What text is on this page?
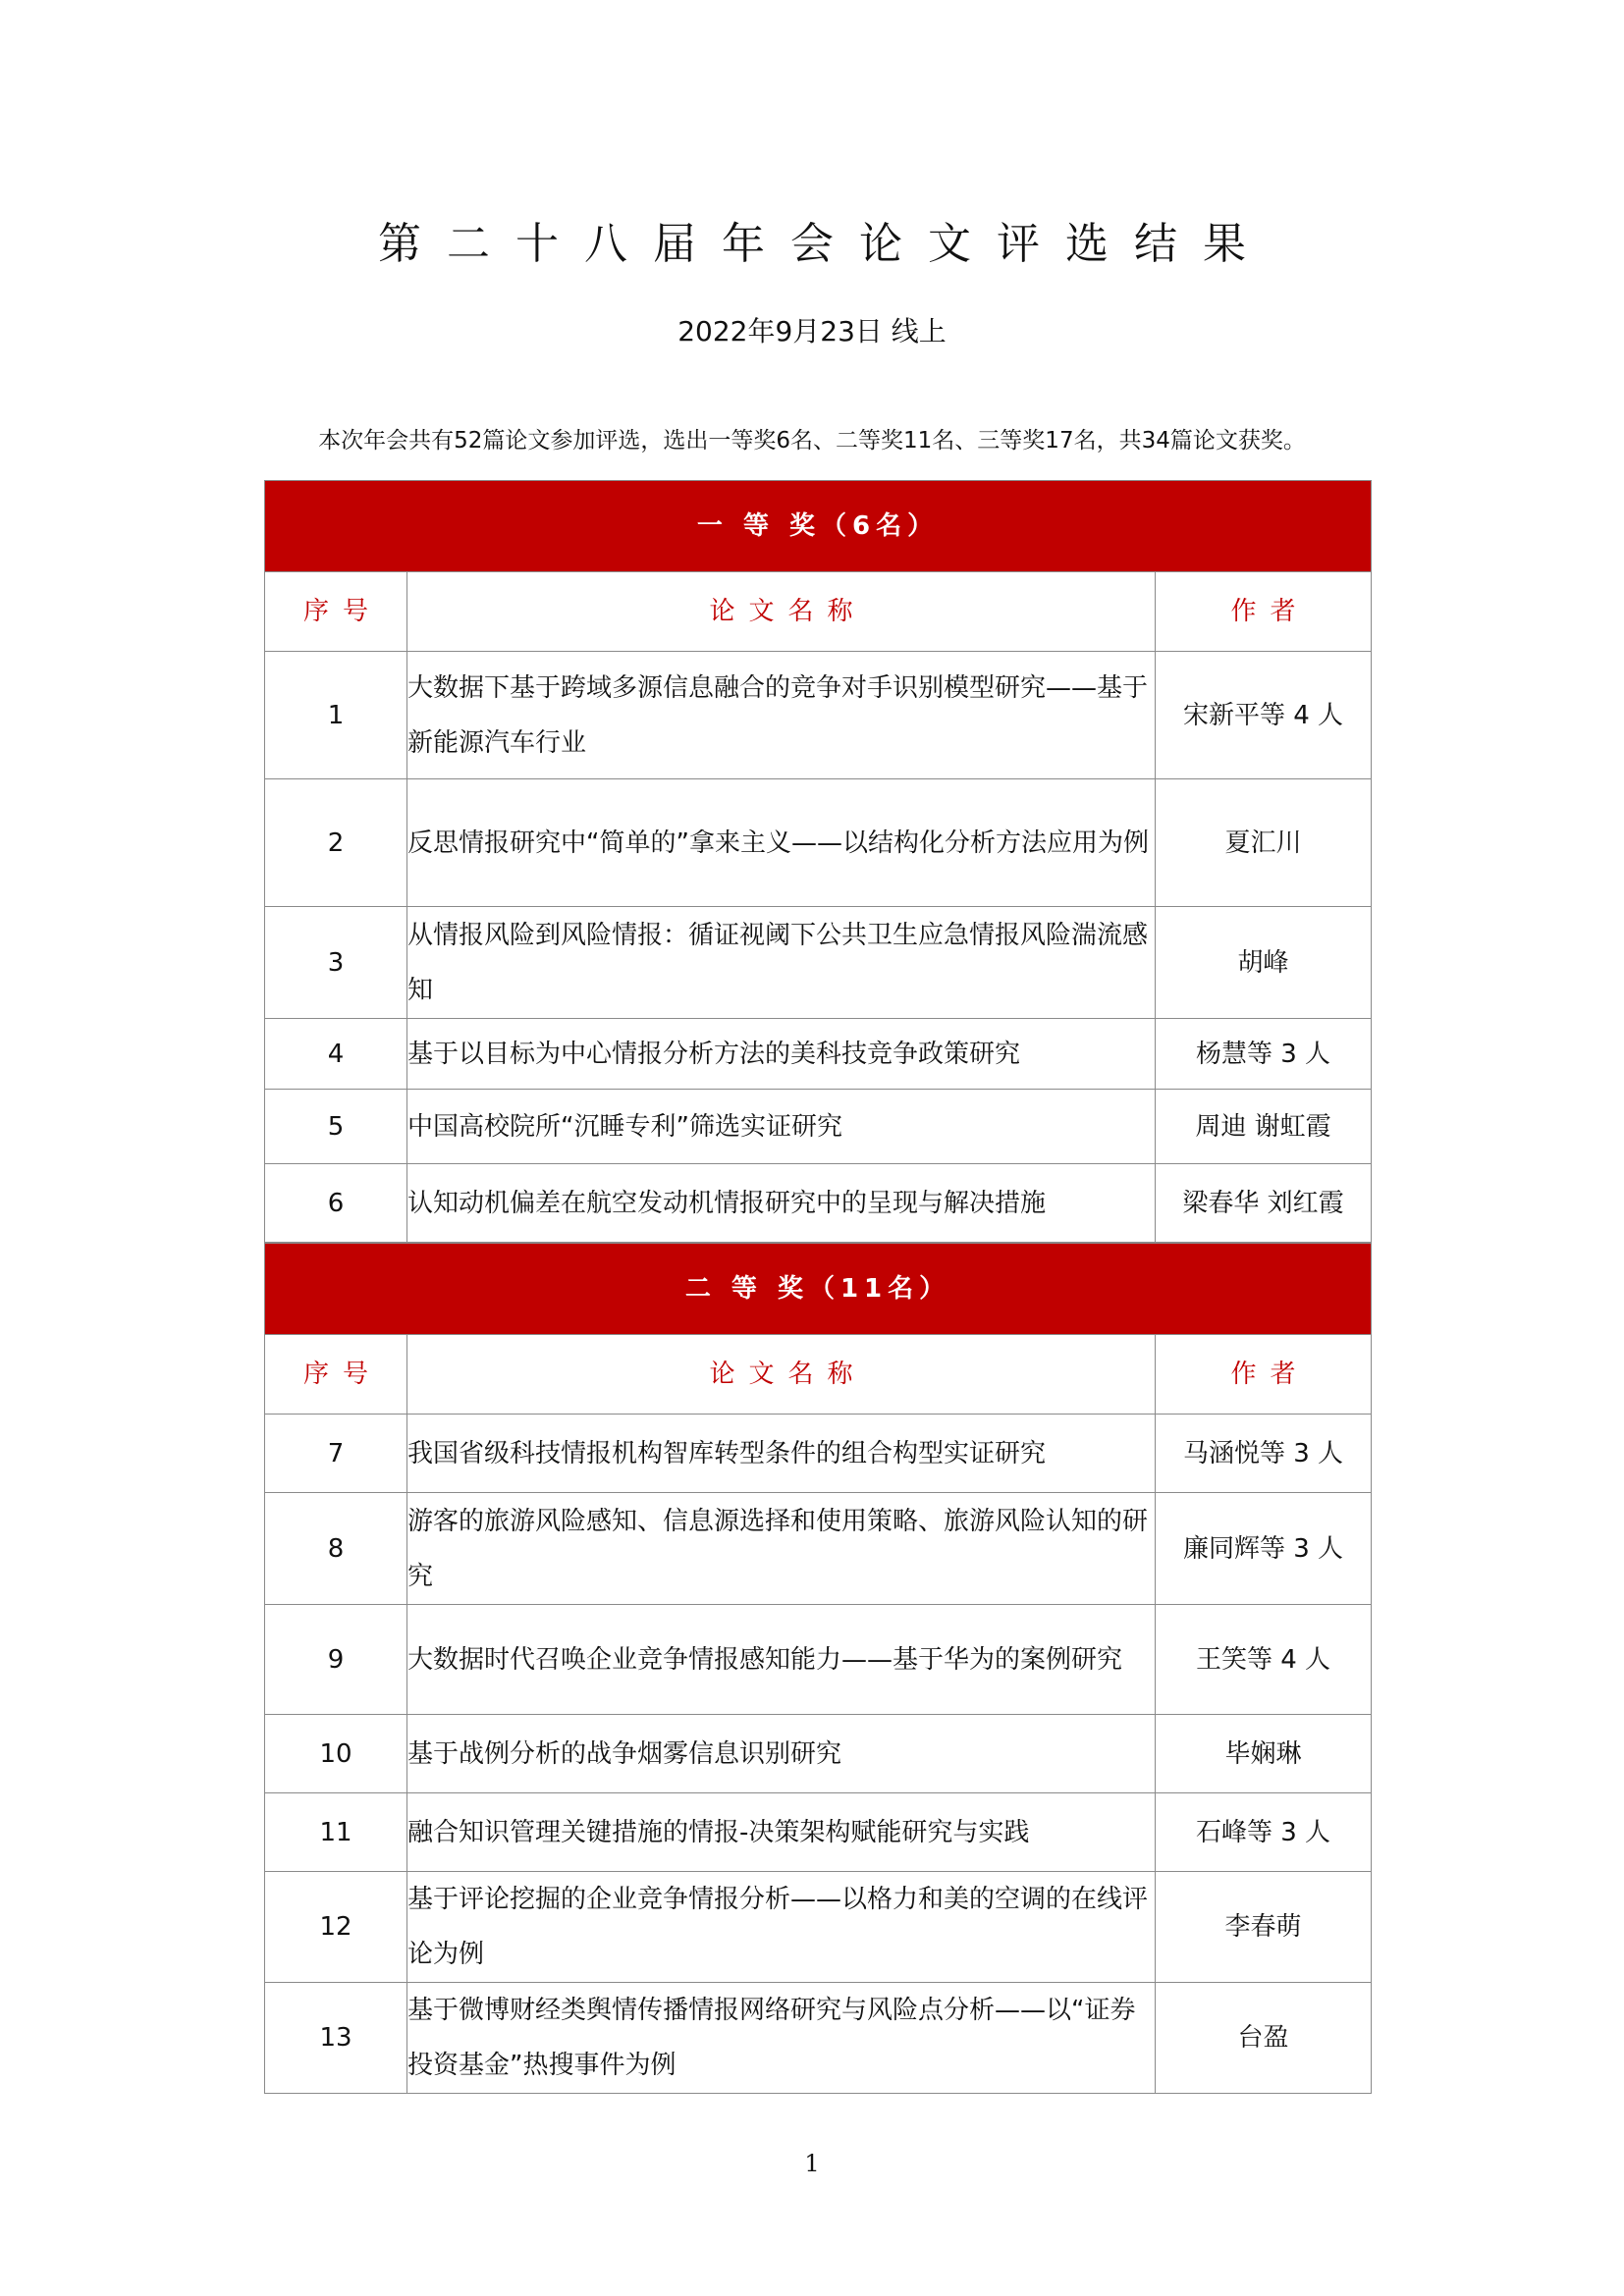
第二十八届年会论文评选结果
2022年9月23日 线上
本次年会共有52篇论文参加评选，选出一等奖6名、二等奖11名、三等奖17名，共34篇论文获奖。
一 等 奖（6名）		
序号	论文名称	作者
1	大数据下基于跨域多源信息融合的竞争对手识别模型研究——基于新能源汽车行业	宋新平等 4 人
2	反思情报研究中“简单的”拿来主义——以结构化分析方法应用为例	夏汇川
3	从情报风险到风险情报：循证视阈下公共卫生应急情报风险湍流感知	胡峰
4	基于以目标为中心情报分析方法的美科技竞争政策研究	杨慧等 3 人
5	中国高校院所“沉睡专利”筛选实证研究	周迪 谢虹霞
6	认知动机偏差在航空发动机情报研究中的呈现与解决措施	梁春华 刘红霞
二 等 奖（11名）		
序号	论文名称	作者
7	我国省级科技情报机构智库转型条件的组合构型实证研究	马涵悦等 3 人
8	游客的旅游风险感知、信息源选择和使用策略、旅游风险认知的研究	廉同辉等 3 人
9	大数据时代召唤企业竞争情报感知能力——基于华为的案例研究	王笑等 4 人
10	基于战例分析的战争烟雾信息识别研究	毕娴琳
11	融合知识管理关键措施的情报-决策架构赋能研究与实践	石峰等 3 人
12	基于评论挖掘的企业竞争情报分析——以格力和美的空调的在线评论为例	李春萌
13	基于微博财经类舆情传播情报网络研究与风险点分析——以“证券投资基金”热搜事件为例	台盈
1
